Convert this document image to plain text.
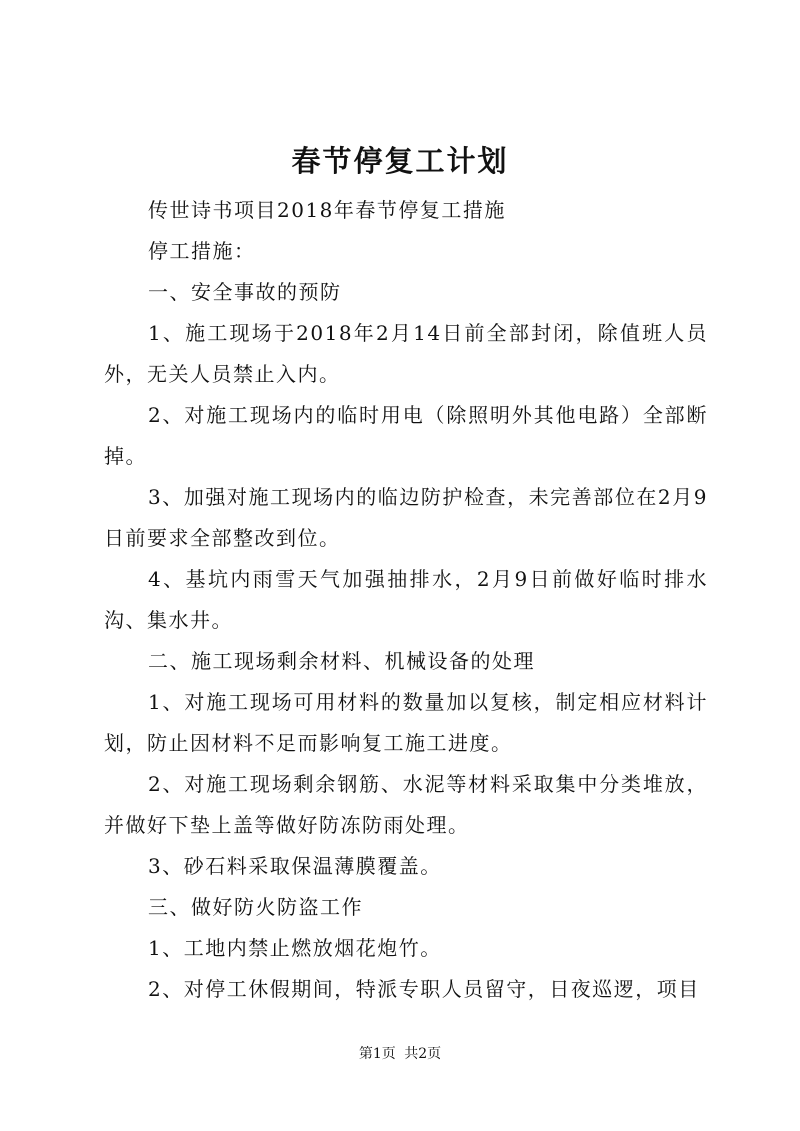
春节停复工计划

传世诗书项目2018年春节停复工措施

停工措施：

一、安全事故的预防

1、施工现场于2018年2月14日前全部封闭，除值班人员外，无关人员禁止入内。

2、对施工现场内的临时用电（除照明外其他电路）全部断掉。

3、加强对施工现场内的临边防护检查，未完善部位在2月9日前要求全部整改到位。

4、基坑内雨雪天气加强抽排水，2月9日前做好临时排水沟、集水井。

二、施工现场剩余材料、机械设备的处理

1、对施工现场可用材料的数量加以复核，制定相应材料计划，防止因材料不足而影响复工施工进度。

2、对施工现场剩余钢筋、水泥等材料采取集中分类堆放，并做好下垫上盖等做好防冻防雨处理。

3、砂石料采取保温薄膜覆盖。

三、做好防火防盗工作

1、工地内禁止燃放烟花炮竹。

2、对停工休假期间，特派专职人员留守，日夜巡逻，项目

第1页 共2页
